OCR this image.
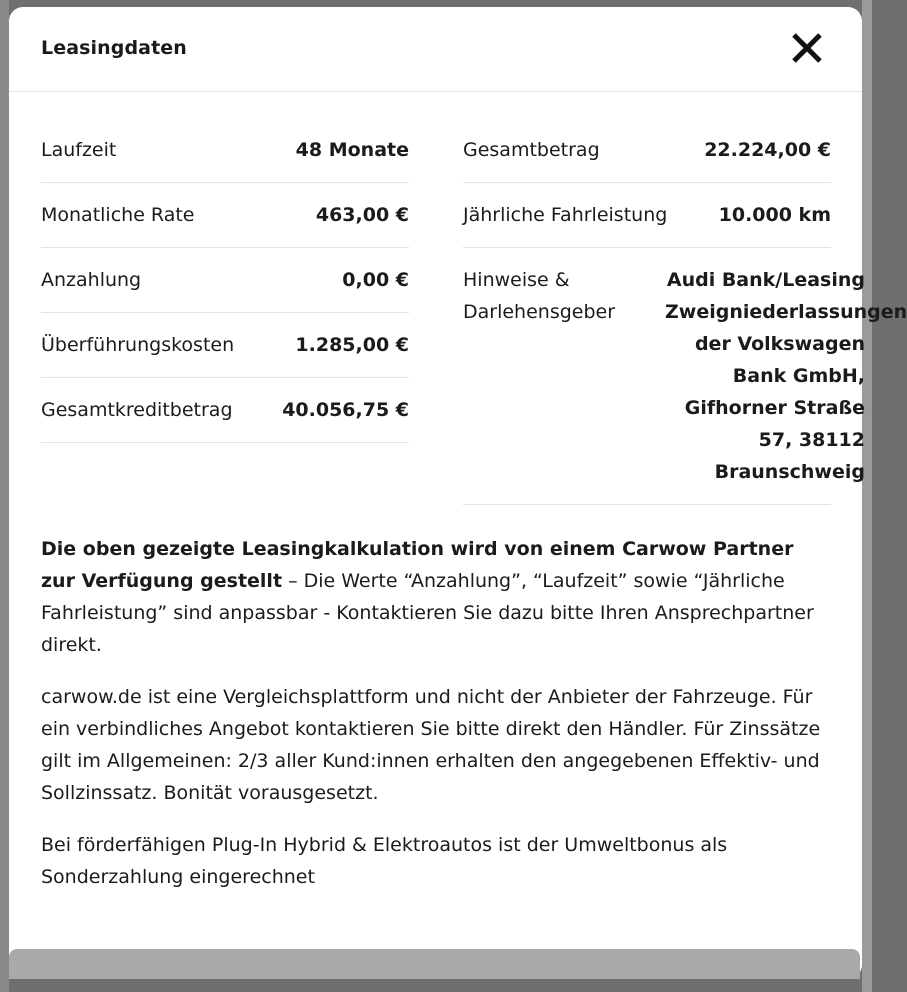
Leasingdaten
Laufzeit	48 Monate
Monatliche Rate	463,00 €
Anzahlung	0,00 €
Überführungskosten	1.285,00 €
Gesamtkreditbetrag	40.056,75 €
Gesamtbetrag	22.224,00 €
Jährliche Fahrleistung	10.000 km
Hinweise & Darlehensgeber
Audi Bank/Leasing Zweigniederlassungen der Volkswagen Bank GmbH, Gifhorner Straße 57, 38112 Braunschweig

Die oben gezeigte Leasingkalkulation wird von einem Carwow Partner zur Verfügung gestellt – Die Werte “Anzahlung”, “Laufzeit” sowie “Jährliche Fahrleistung” sind anpassbar - Kontaktieren Sie dazu bitte Ihren Ansprechpartner direkt.

carwow.de ist eine Vergleichsplattform und nicht der Anbieter der Fahrzeuge. Für ein verbindliches Angebot kontaktieren Sie bitte direkt den Händler. Für Zinssätze gilt im Allgemeinen: 2/3 aller Kund:innen erhalten den angegebenen Effektiv- und Sollzinssatz. Bonität vorausgesetzt.

Bei förderfähigen Plug-In Hybrid & Elektroautos ist der Umweltbonus als Sonderzahlung eingerechnet
